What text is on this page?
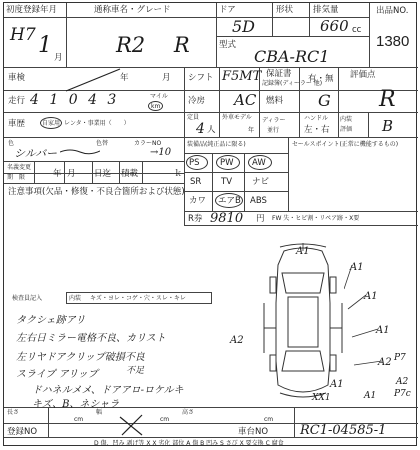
初度登録年月
H7 1 月
通称車名・グレード
R2 R
ドア
5D
形状 排気量
660 cc
型式
CBA-RC1
出品NO.
1380
車検	年	月 シフト F5MT 保証書
記録簿(ディーラー 他)
有・無 評価点
R
走行 4 1 0 4 3	マイル
km
冷房 AC 燃料 G
車歴	自家用 レンタ・事業用（　　）
定員
4 人
外車モデル
年
ディラー
並行
ハンドル
左・右
内装
評価 B
色
シルバー
色替	カラーNO
→10
名義変更
期　限	年 月 日迄 積載	ｋ
注意事項(欠品・修復・不良合箇所および状態)
装備品(純正品に限る)	セールスポイント(正常に機能するもの)
PS PW AW
SR TV ナビ
カワ エアB ABS
R券 9810 円 FW 失・ヒビ割・リペア跡・X要
検査員記入	内装 キズ・ヨレ・コゲ・穴・スレ・キレ
タクシェ跡アリ
左右日ミラー電格不良、カリスト
左リヤドアクリップ破損不良
スライプ アリップ	不足
ドハネルメメ、ドアアロ-ロケルキ
キズ、B、ネシャラ
A1
A1
A2
A1
A1
A2
A1
XX1	A1
A2
P7
P7c
長さ
cm
幅
cm
高さ
cm
登録NO	車台NO RC1-04585-1
D 傷、凹み 剥げ等 X X 劣化 部位 A 傷 B 凹み S さび X 要交換 C 腐食
